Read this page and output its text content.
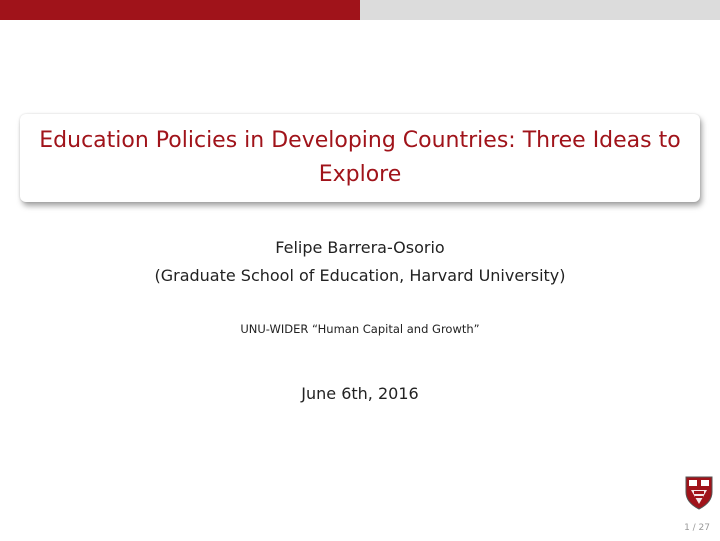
Education Policies in Developing Countries: Three Ideas to Explore
Felipe Barrera-Osorio
(Graduate School of Education, Harvard University)
UNU-WIDER “Human Capital and Growth”
June 6th, 2016
1 / 27
